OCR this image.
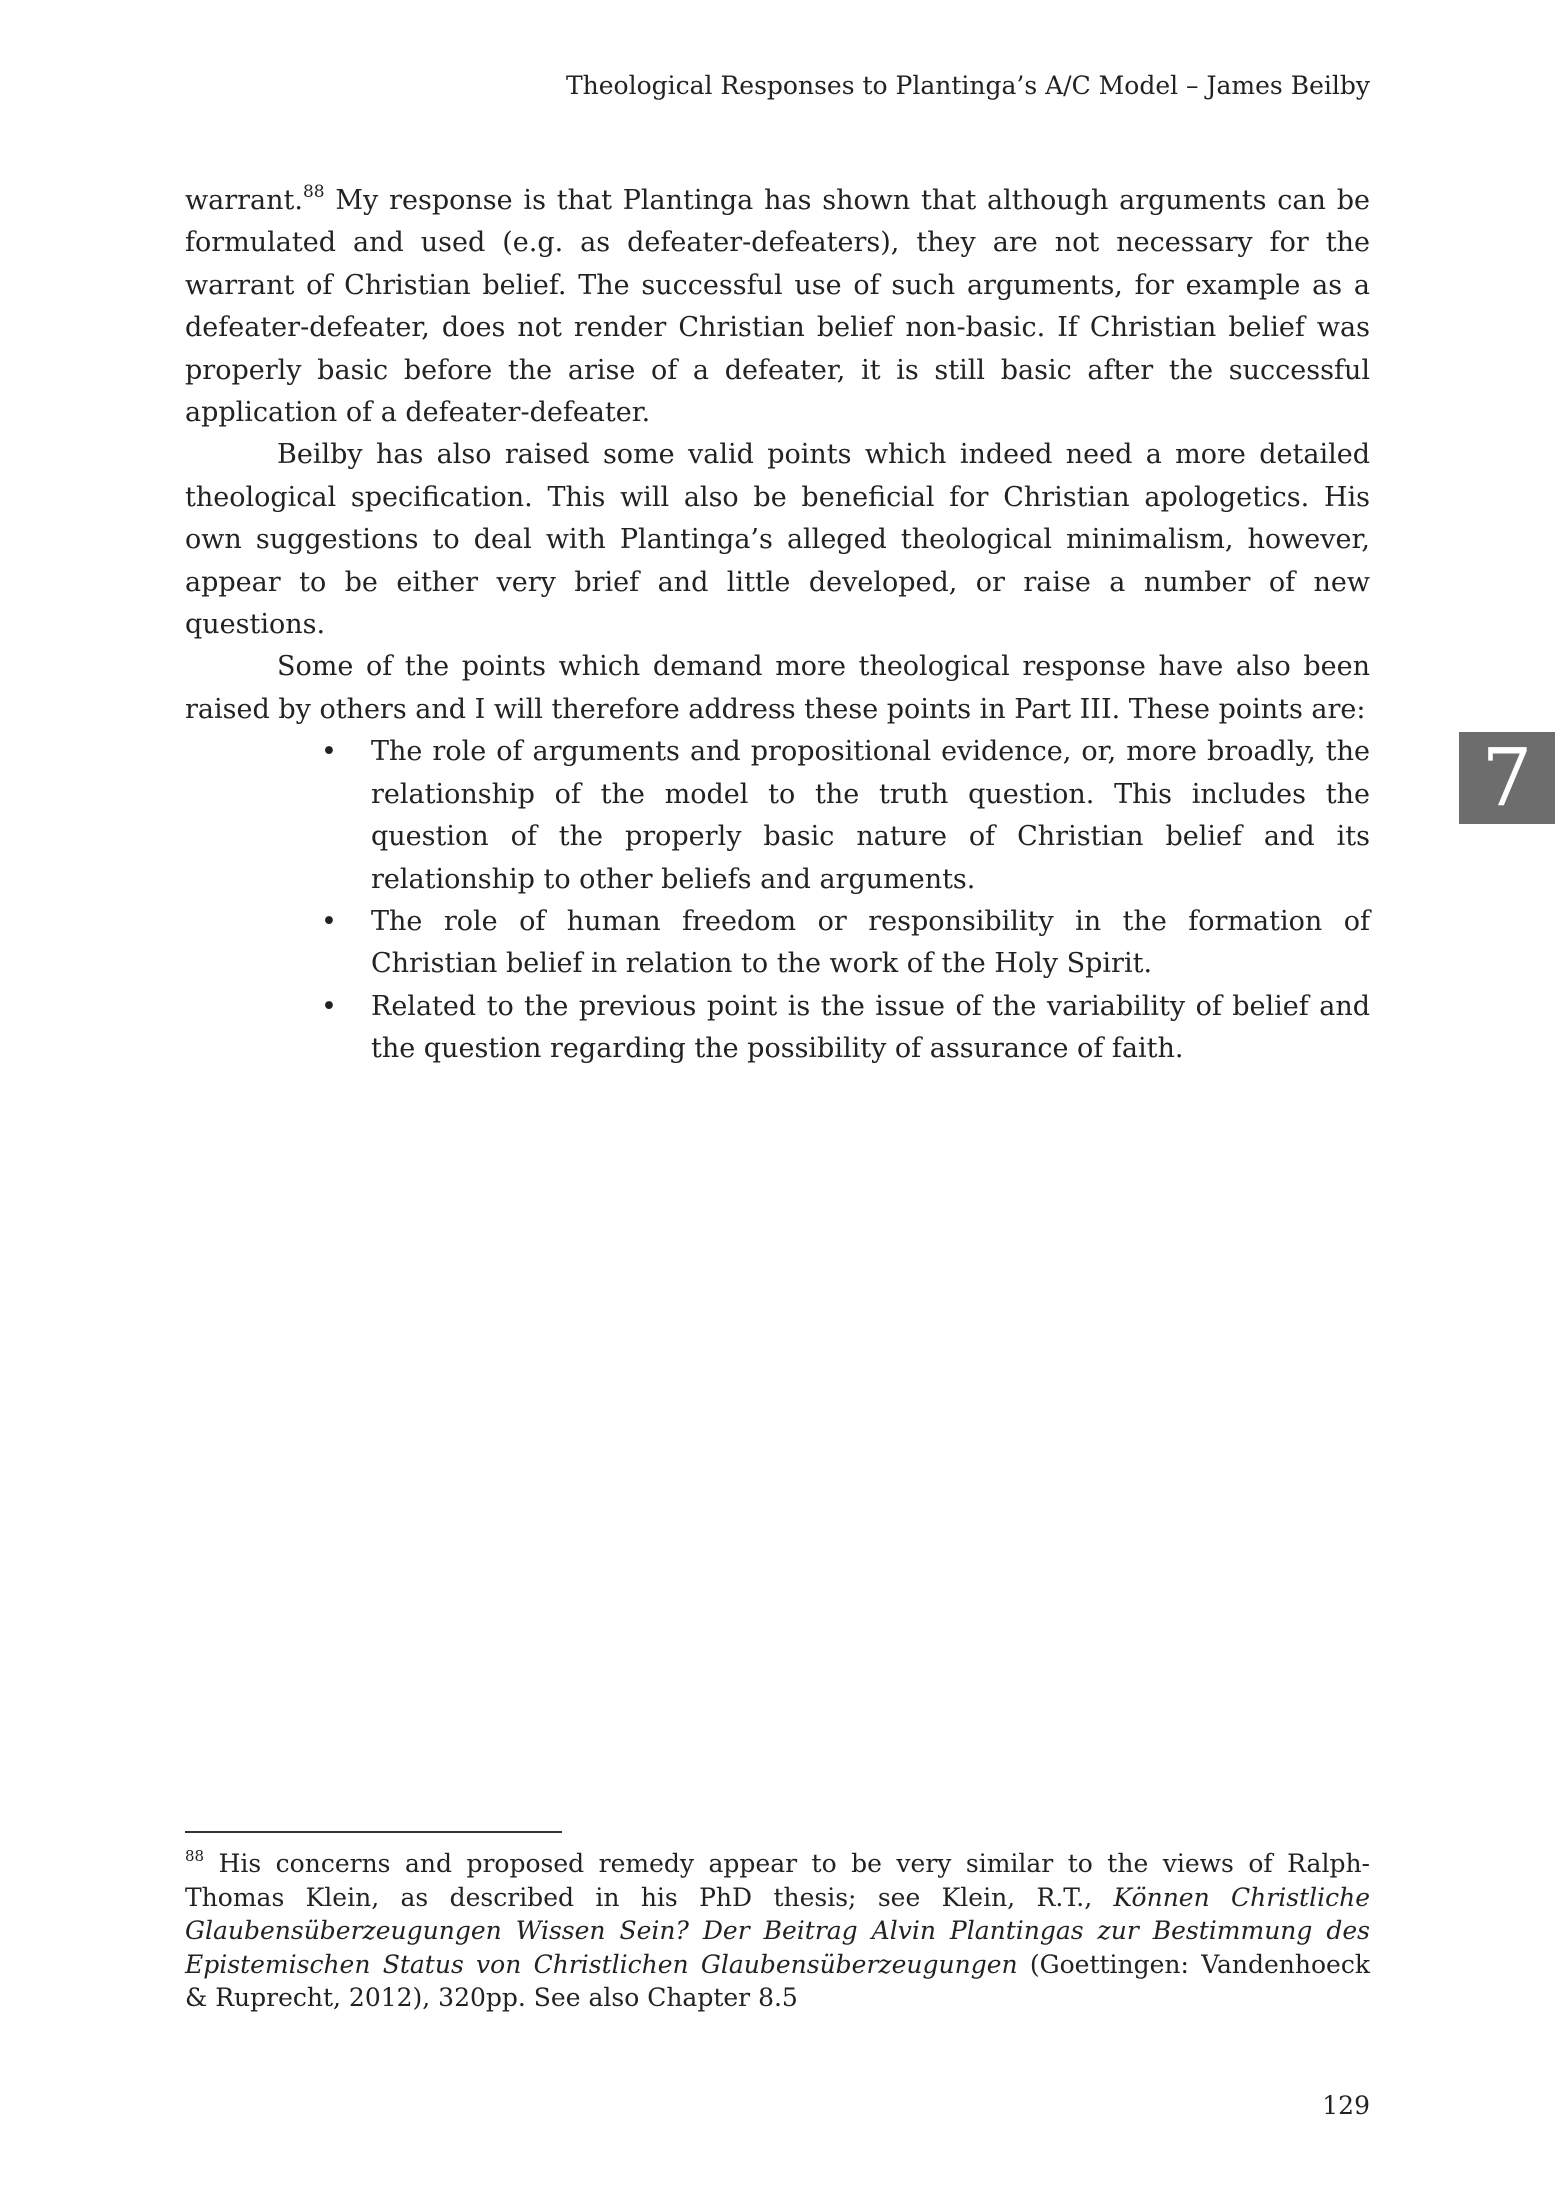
Theological Responses to Plantinga’s A/C Model – James Beilby
7

warrant.$^{88}$ My response is that Plantinga has shown that although arguments can be formulated and used (e.g. as defeater-defeaters), they are not necessary for the warrant of Christian belief. The successful use of such arguments, for example as a defeater-defeater, does not render Christian belief non-basic. If Christian belief was properly basic before the arise of a defeater, it is still basic after the successful application of a defeater-defeater.

Beilby has also raised some valid points which indeed need a more detailed theological specification. This will also be beneficial for Christian apologetics. His own suggestions to deal with Plantinga’s alleged theological minimalism, however, appear to be either very brief and little developed, or raise a number of new questions.

Some of the points which demand more theological response have also been raised by others and I will therefore address these points in Part III. These points are:

• The role of arguments and propositional evidence, or, more broadly, the relationship of the model to the truth question. This includes the question of the properly basic nature of Christian belief and its relationship to other beliefs and arguments.
• The role of human freedom or responsibility in the formation of Christian belief in relation to the work of the Holy Spirit.
• Related to the previous point is the issue of the variability of belief and the question regarding the possibility of assurance of faith.
$^{88}$ His concerns and proposed remedy appear to be very similar to the views of Ralph-Thomas Klein, as described in his PhD thesis; see Klein, R.T., Können Christliche Glaubensüberzeugungen Wissen Sein? Der Beitrag Alvin Plantingas zur Bestimmung des Epistemischen Status von Christlichen Glaubensüberzeugungen (Goettingen: Vandenhoeck & Ruprecht, 2012), 320pp. See also Chapter 8.5
129
